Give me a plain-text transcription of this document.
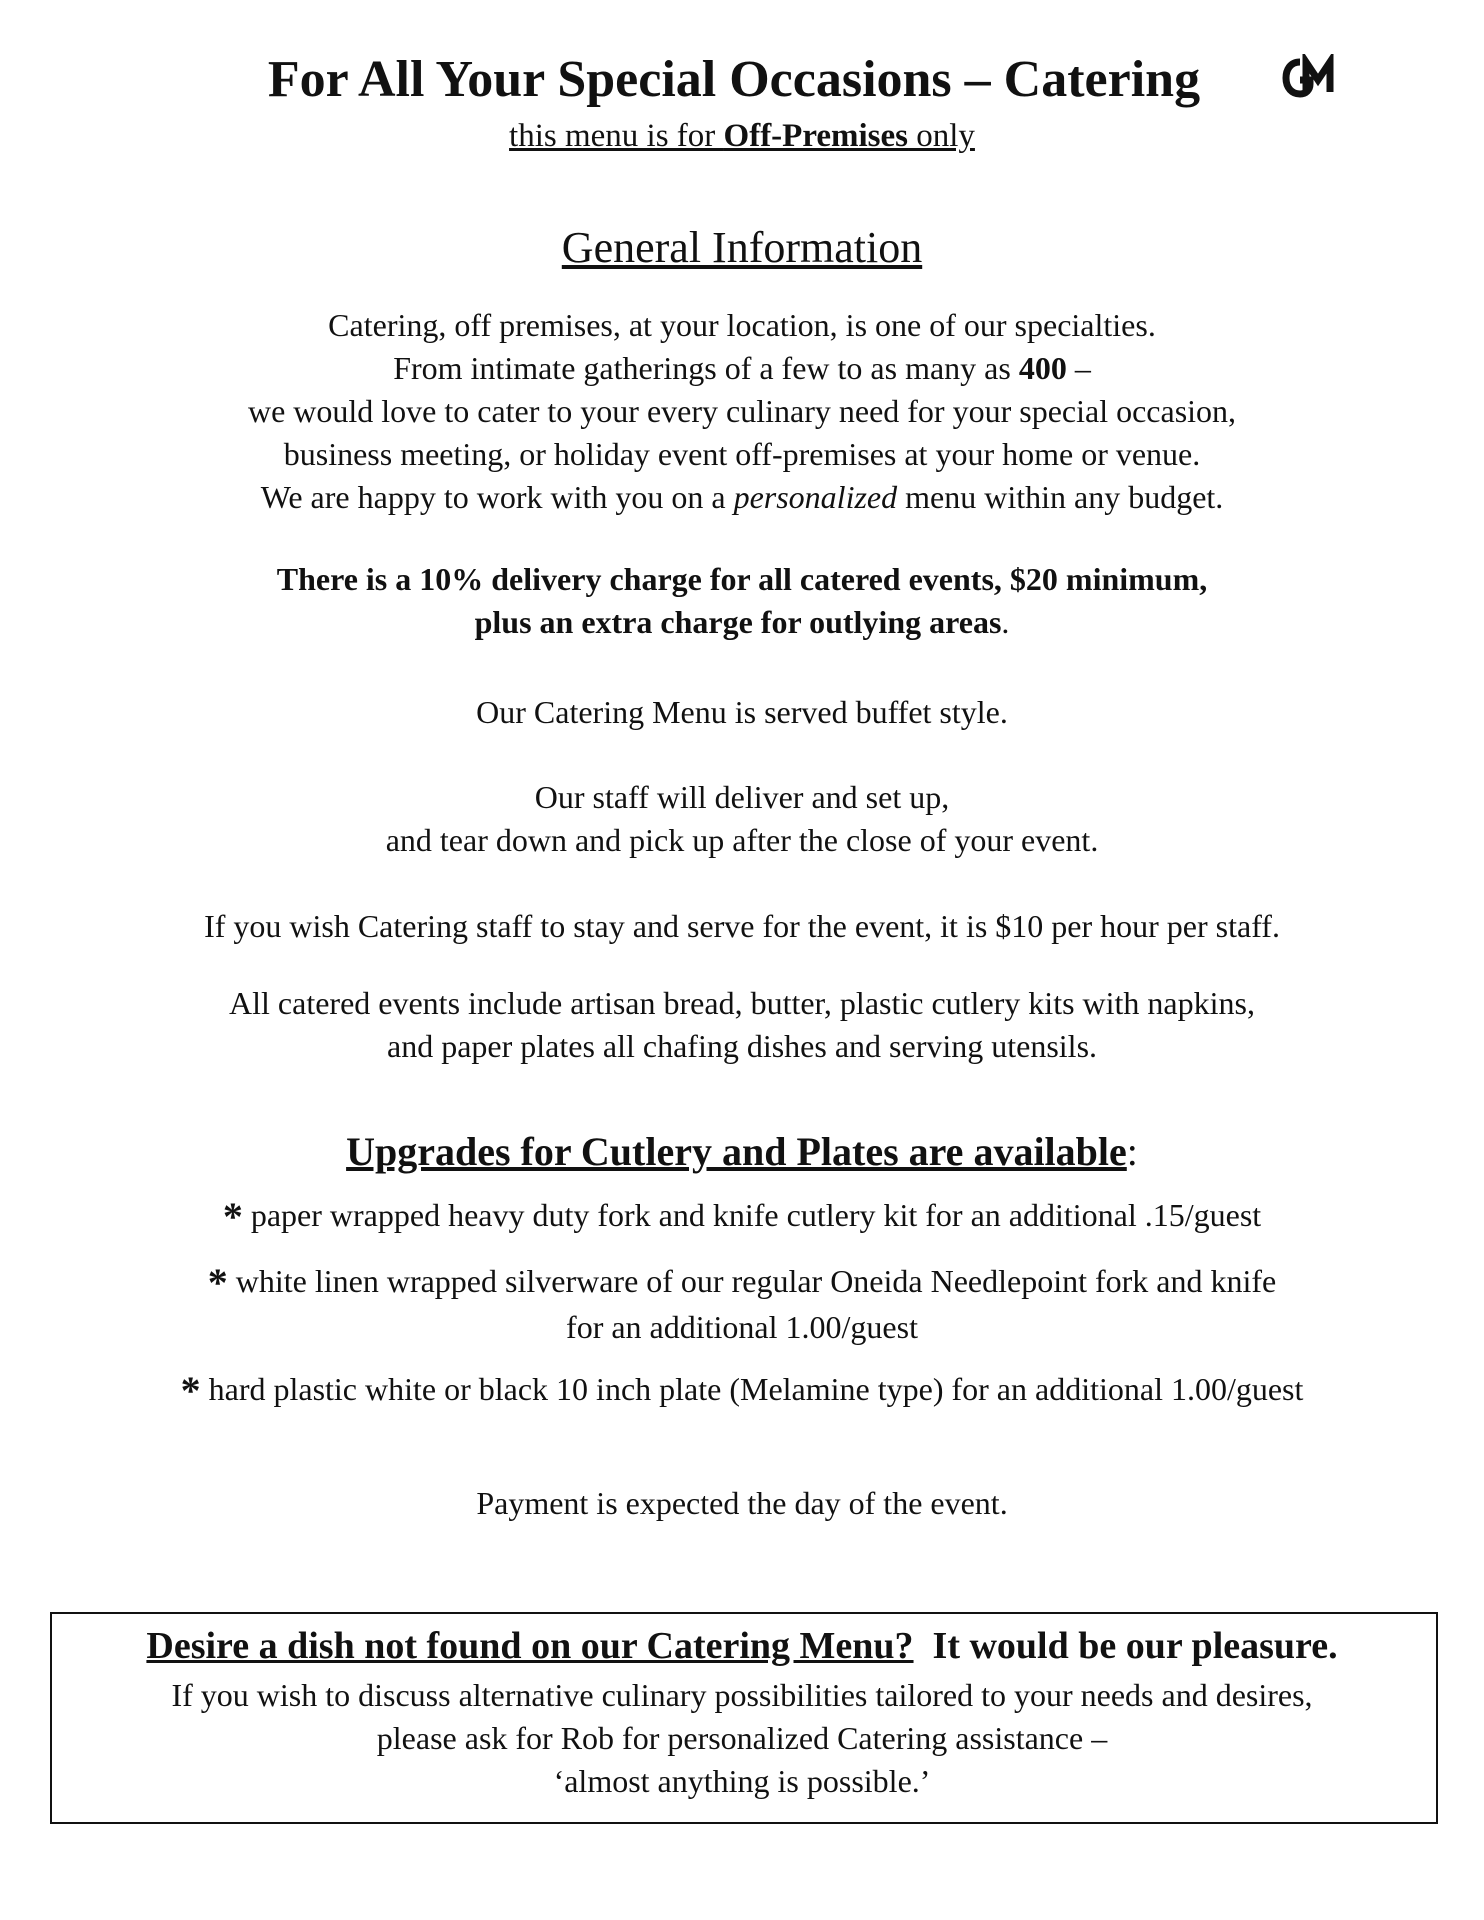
For All Your Special Occasions – Catering
this menu is for Off-Premises only
General Information
Catering, off premises, at your location, is one of our specialties.
From intimate gatherings of a few to as many as 400 –
we would love to cater to your every culinary need for your special occasion,
business meeting, or holiday event off-premises at your home or venue.
We are happy to work with you on a personalized menu within any budget.
There is a 10% delivery charge for all catered events, $20 minimum,
plus an extra charge for outlying areas.
Our Catering Menu is served buffet style.
Our staff will deliver and set up,
and tear down and pick up after the close of your event.
If you wish Catering staff to stay and serve for the event, it is $10 per hour per staff.
All catered events include artisan bread, butter, plastic cutlery kits with napkins,
and paper plates all chafing dishes and serving utensils.
Upgrades for Cutlery and Plates are available:
* paper wrapped heavy duty fork and knife cutlery kit for an additional .15/guest
* white linen wrapped silverware of our regular Oneida Needlepoint fork and knife
for an additional 1.00/guest
* hard plastic white or black 10 inch plate (Melamine type) for an additional 1.00/guest
Payment is expected the day of the event.
Desire a dish not found on our Catering Menu?  It would be our pleasure.
If you wish to discuss alternative culinary possibilities tailored to your needs and desires,
please ask for Rob for personalized Catering assistance –
‘almost anything is possible.’
